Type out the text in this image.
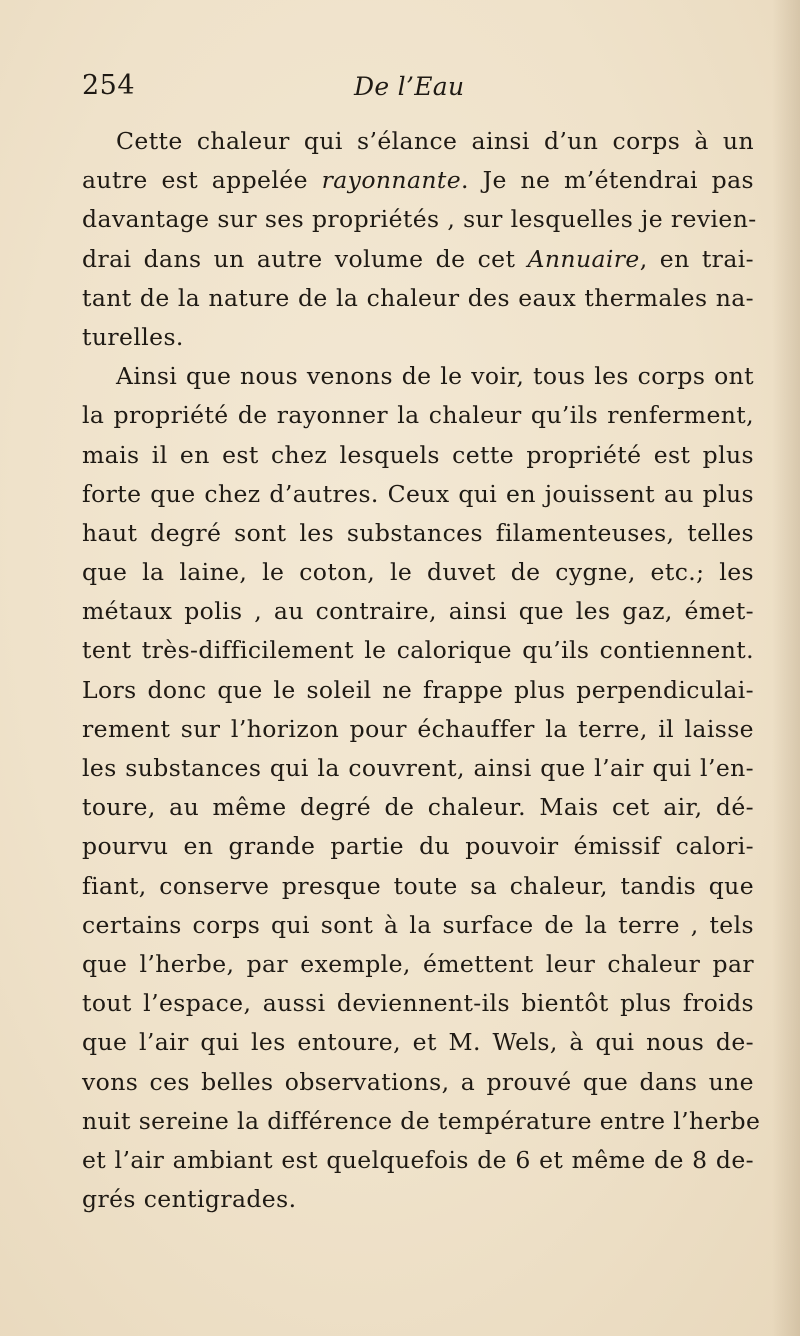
254	De l’Eau
Cette chaleur qui s’élance ainsi d’un corps à un
autre est appelée rayonnante. Je ne m’étendrai pas
davantage sur ses propriétés , sur lesquelles je revien-
drai dans un autre volume de cet Annuaire, en trai-
tant de la nature de la chaleur des eaux thermales na-
turelles.
Ainsi que nous venons de le voir, tous les corps ont
la propriété de rayonner la chaleur qu’ils renferment,
mais il en est chez lesquels cette propriété est plus
forte que chez d’autres. Ceux qui en jouissent au plus
haut degré sont les substances filamenteuses, telles
que la laine, le coton, le duvet de cygne, etc.; les
métaux polis , au contraire, ainsi que les gaz, émet-
tent très-difficilement le calorique qu’ils contiennent.
Lors donc que le soleil ne frappe plus perpendiculai-
rement sur l’horizon pour échauffer la terre, il laisse
les substances qui la couvrent, ainsi que l’air qui l’en-
toure, au même degré de chaleur. Mais cet air, dé-
pourvu en grande partie du pouvoir émissif calori-
fiant, conserve presque toute sa chaleur, tandis que
certains corps qui sont à la surface de la terre , tels
que l’herbe, par exemple, émettent leur chaleur par
tout l’espace, aussi deviennent-ils bientôt plus froids
que l’air qui les entoure, et M. Wels, à qui nous de-
vons ces belles observations, a prouvé que dans une
nuit sereine la différence de température entre l’herbe
et l’air ambiant est quelquefois de 6 et même de 8 de-
grés centigrades.
